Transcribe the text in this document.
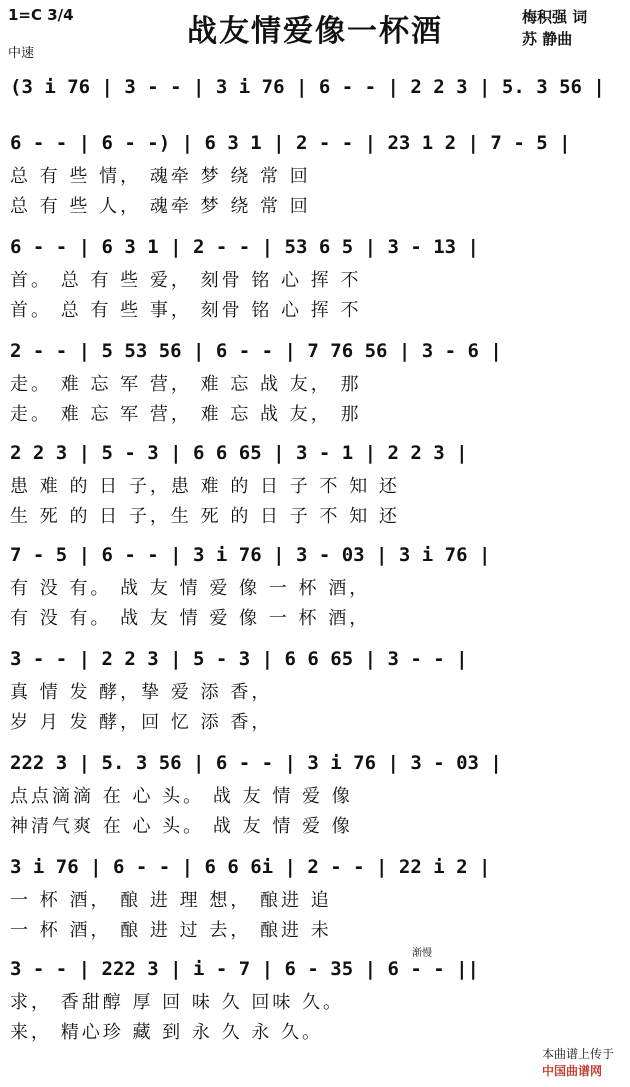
1=C 3/4
中速
战友情爱像一杯酒	梅积强 词
苏 静曲
(3 i 76 | 3 - - | 3 i 76 | 6 - - | 2 2 3 | 5. 3 56 |
6 - - | 6 - -) | 6 3 1 | 2 - - | 23 1 2 | 7 - 5 |
总 有 些 情， 魂牵 梦 绕 常 回
总 有 些 人， 魂牵 梦 绕 常 回
6 - - | 6 3 1 | 2 - - | 53 6 5 | 3 - 13 |
首。 总 有 些 爱， 刻骨 铭 心 挥 不
首。 总 有 些 事， 刻骨 铭 心 挥 不
2 - - | 5 53 56 | 6 - - | 7 76 56 | 3 - 6 |
走。 难 忘 军 营， 难 忘 战 友， 那
走。 难 忘 军 营， 难 忘 战 友， 那
2 2 3 | 5 - 3 | 6 6 65 | 3 - 1 | 2 2 3 |
患 难 的 日 子，患 难 的 日 子 不 知 还
生 死 的 日 子，生 死 的 日 子 不 知 还
7 - 5 | 6 - - | 3 i 76 | 3 - 03 | 3 i 76 |
有 没 有。 战 友 情 爱 像 一 杯 酒，
有 没 有。 战 友 情 爱 像 一 杯 酒，
3 - - | 2 2 3 | 5 - 3 | 6 6 65 | 3 - - |
真 情 发 酵，挚 爱 添 香，
岁 月 发 酵，回 忆 添 香，
222 3 | 5. 3 56 | 6 - - | 3 i 76 | 3 - 03 |
点点滴滴 在 心 头。 战 友 情 爱 像
神清气爽 在 心 头。 战 友 情 爱 像
3 i 76 | 6 - - | 6 6 6i | 2 - - | 22 i 2 |
一 杯 酒， 酿 进 理 想， 酿进 追
一 杯 酒， 酿 进 过 去， 酿进 未
渐慢
3 - - | 222 3 | i - 7 | 6 - 35 | 6 - - ||
求， 香甜醇 厚 回 味 久 回味 久。
来， 精心珍 藏 到 永 久 永 久。

本曲谱上传于
中国曲谱网
